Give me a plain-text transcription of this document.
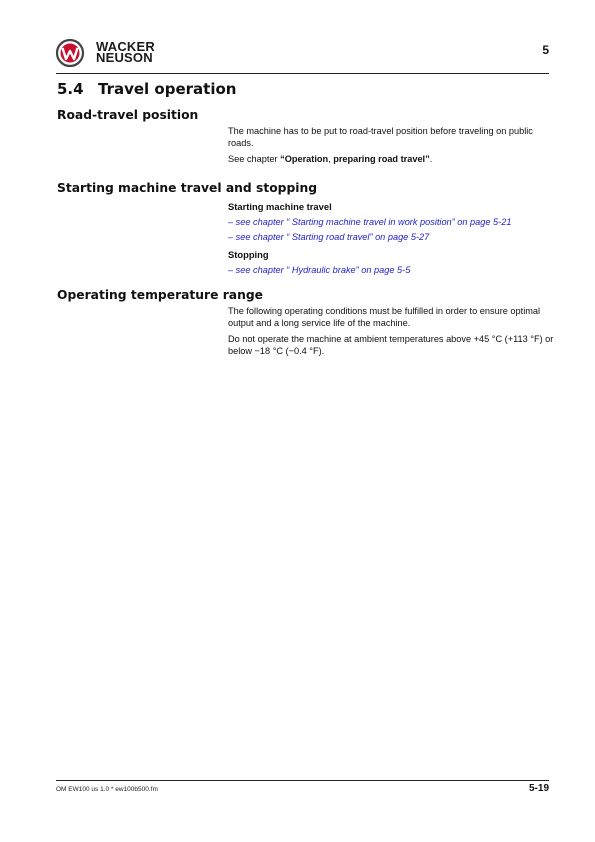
WACKER
NEUSON	5
5.4 Travel operation
Road-travel position

The machine has to be put to road-travel position before traveling on public roads.

See chapter “Operation, preparing road travel”.

Starting machine travel and stopping
Starting machine travel
– see chapter “ Starting machine travel in work position” on page 5-21
– see chapter “ Starting road travel” on page 5-27
Stopping
– see chapter “ Hydraulic brake” on page 5-5
Operating temperature range

The following operating conditions must be fulfilled in order to ensure optimal output and a long service life of the machine.

Do not operate the machine at ambient temperatures above +45 °C (+113 °F) or below −18 °C (−0.4 °F).

OM EW100 us 1.0 * ew100b500.fm	5-19
